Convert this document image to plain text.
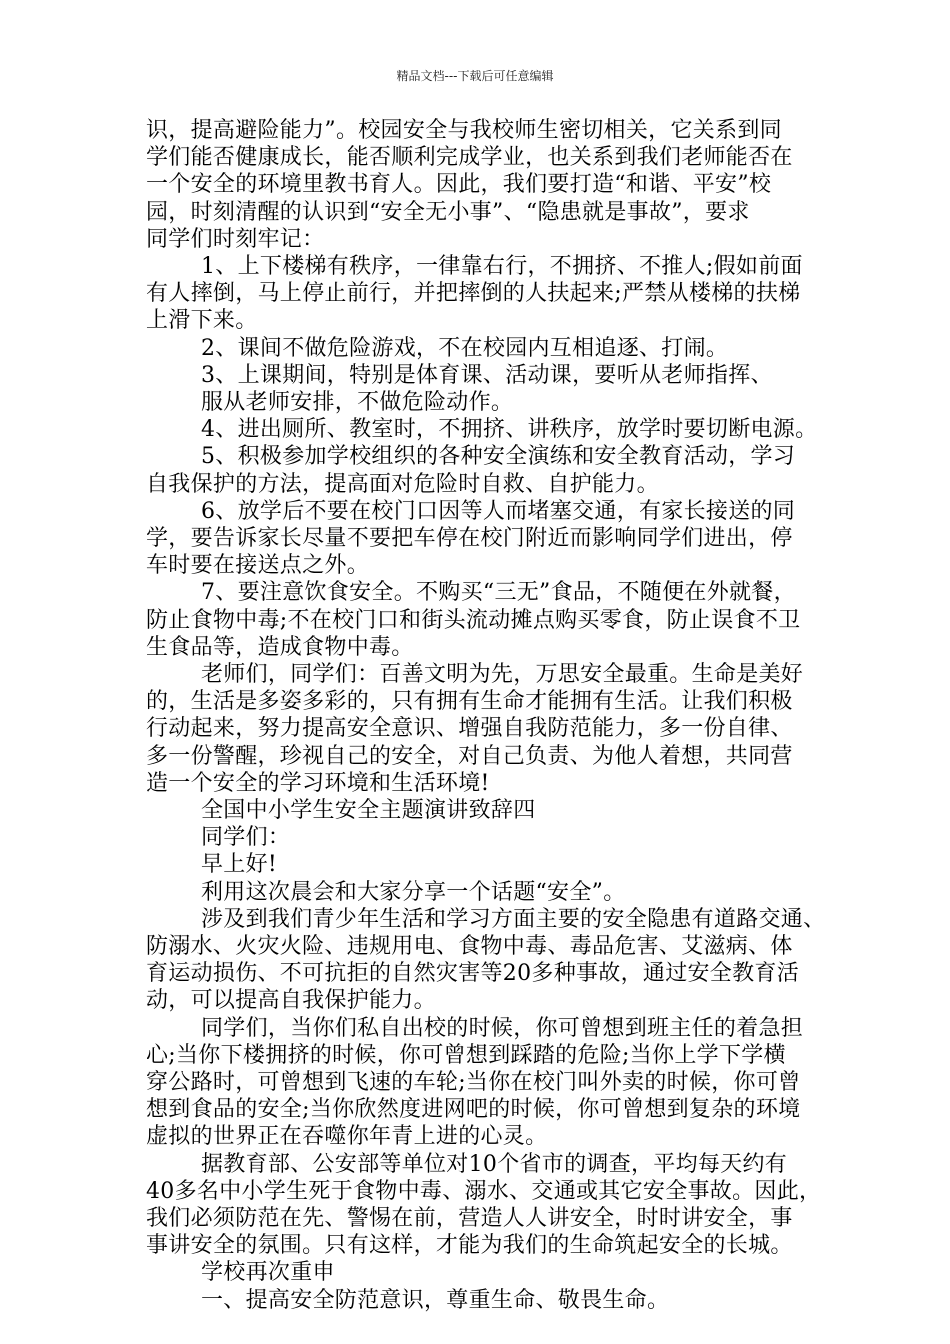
精品文档---下载后可任意编辑
识，提高避险能力”。校园安全与我校师生密切相关，它关系到同
学们能否健康成长，能否顺利完成学业，也关系到我们老师能否在
一个安全的环境里教书育人。因此，我们要打造“和谐、平安”校
园，时刻清醒的认识到“安全无小事”、“隐患就是事故”，要求
同学们时刻牢记：
1、上下楼梯有秩序，一律靠右行，不拥挤、不推人;假如前面
有人摔倒，马上停止前行，并把摔倒的人扶起来;严禁从楼梯的扶梯
上滑下来。
2、课间不做危险游戏，不在校园内互相追逐、打闹。
3、上课期间，特别是体育课、活动课，要听从老师指挥、
服从老师安排，不做危险动作。
4、进出厕所、教室时，不拥挤、讲秩序，放学时要切断电源。
5、积极参加学校组织的各种安全演练和安全教育活动，学习
自我保护的方法，提高面对危险时自救、自护能力。
6、放学后不要在校门口因等人而堵塞交通，有家长接送的同
学，要告诉家长尽量不要把车停在校门附近而影响同学们进出，停
车时要在接送点之外。
7、要注意饮食安全。不购买“三无”食品，不随便在外就餐，
防止食物中毒;不在校门口和街头流动摊点购买零食，防止误食不卫
生食品等，造成食物中毒。
老师们，同学们：百善文明为先，万思安全最重。生命是美好
的，生活是多姿多彩的，只有拥有生命才能拥有生活。让我们积极
行动起来，努力提高安全意识、增强自我防范能力，多一份自律、
多一份警醒，珍视自己的安全，对自己负责、为他人着想，共同营
造一个安全的学习环境和生活环境!
全国中小学生安全主题演讲致辞四
同学们：
早上好!
利用这次晨会和大家分享一个话题“安全”。
涉及到我们青少年生活和学习方面主要的安全隐患有道路交通、
防溺水、火灾火险、违规用电、食物中毒、毒品危害、艾滋病、体
育运动损伤、不可抗拒的自然灾害等20多种事故，通过安全教育活
动，可以提高自我保护能力。
同学们，当你们私自出校的时候，你可曾想到班主任的着急担
心;当你下楼拥挤的时候，你可曾想到踩踏的危险;当你上学下学横
穿公路时，可曾想到飞速的车轮;当你在校门叫外卖的时候，你可曾
想到食品的安全;当你欣然度进网吧的时候，你可曾想到复杂的环境
虚拟的世界正在吞噬你年青上进的心灵。
据教育部、公安部等单位对10个省市的调查，平均每天约有
40多名中小学生死于食物中毒、溺水、交通或其它安全事故。因此，
我们必须防范在先、警惕在前，营造人人讲安全，时时讲安全，事
事讲安全的氛围。只有这样，才能为我们的生命筑起安全的长城。
学校再次重申
一、提高安全防范意识，尊重生命、敬畏生命。
